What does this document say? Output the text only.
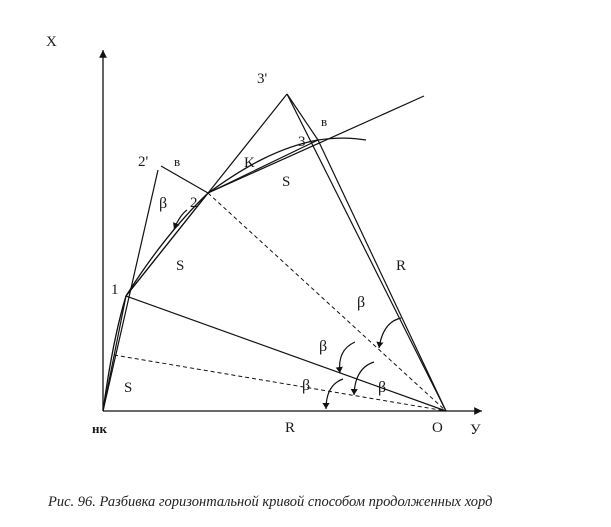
X
У
нк	O
1
2
3
2'
3'
в
в
K
S
S
S
R
R
β
β
β
β	β
Рис. 96. Разбивка горизонтальной кривой способом продолженных хорд
